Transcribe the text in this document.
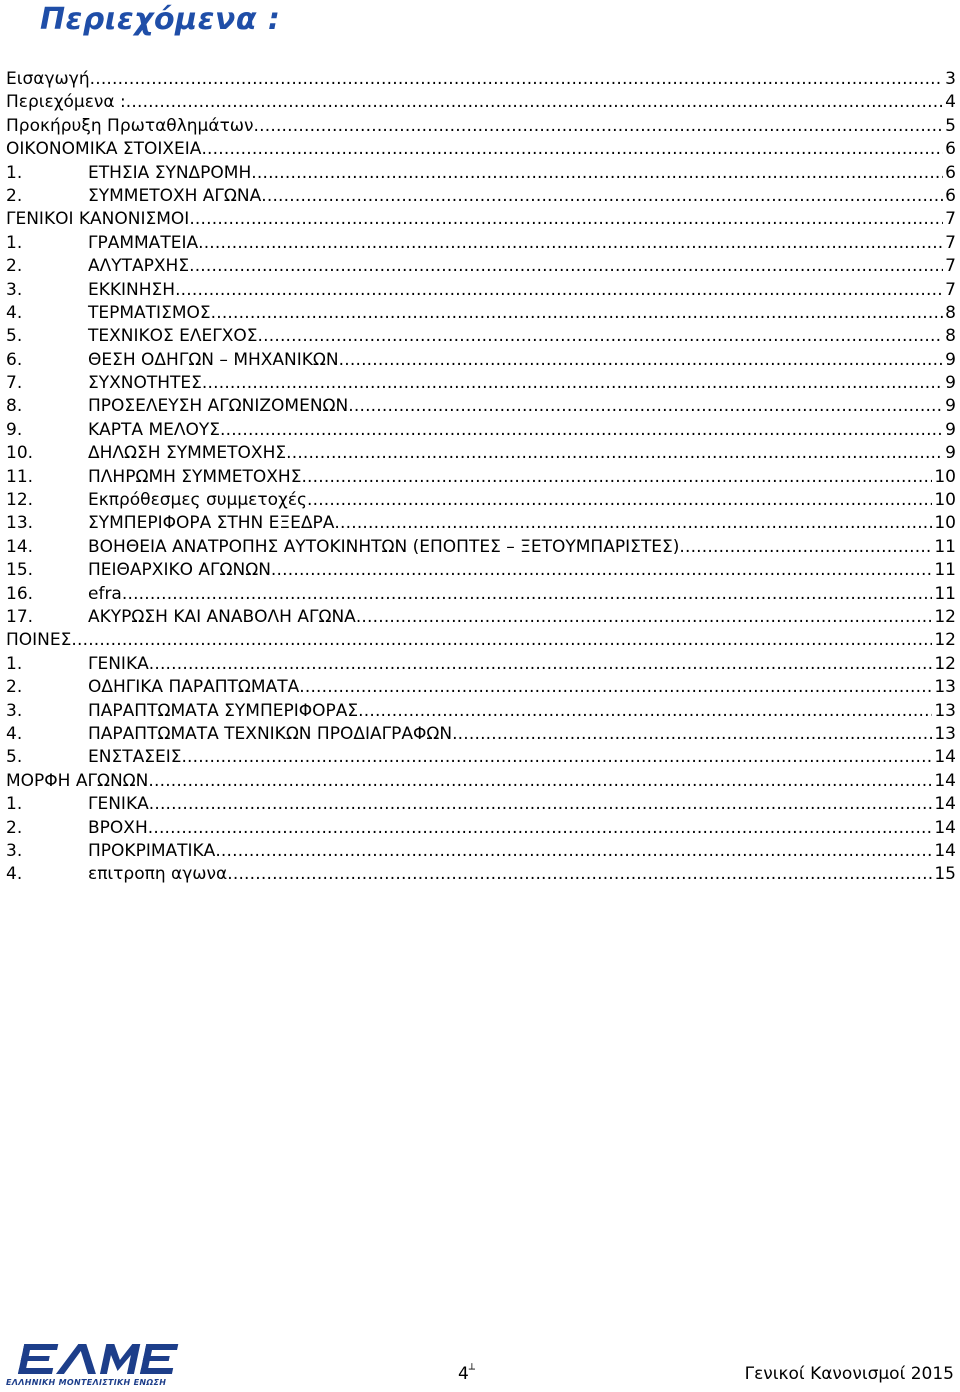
Περιεχόμενα :
Εισαγωγή .....	3
Περιεχόμενα : .....	4
Προκήρυξη Πρωταθλημάτων .....	5
ΟΙΚΟΝΟΜΙΚΑ ΣΤΟΙΧΕΙΑ .....	6
1.	ΕΤΗΣΙΑ ΣΥΝΔΡΟΜΗ .....	6
2.	ΣΥΜΜΕΤΟΧΗ ΑΓΩΝΑ .....	6
ΓΕΝΙΚΟΙ ΚΑΝΟΝΙΣΜΟΙ .....	7
1.	ΓΡΑΜΜΑΤΕΙΑ .....	7
2.	ΑΛΥΤΑΡΧΗΣ .....	7
3.	ΕΚΚΙΝΗΣΗ .....	7
4.	ΤΕΡΜΑΤΙΣΜΟΣ .....	8
5.	ΤΕΧΝΙΚΟΣ ΕΛΕΓΧΟΣ .....	8
6.	ΘΕΣΗ ΟΔΗΓΩΝ – ΜΗΧΑΝΙΚΩΝ .....	9
7.	ΣΥΧΝΟΤΗΤΕΣ .....	9
8.	ΠΡΟΣΕΛΕΥΣΗ ΑΓΩΝΙΖΟΜΕΝΩΝ .....	9
9.	ΚΑΡΤΑ ΜΕΛΟΥΣ .....	9
10.	ΔΗΛΩΣΗ ΣΥΜΜΕΤΟΧΗΣ .....	9
11.	ΠΛΗΡΩΜΗ ΣΥΜΜΕΤΟΧΗΣ .....	10
12.	Εκπρόθεσμες συμμετοχές .....	10
13.	ΣΥΜΠΕΡΙΦΟΡΑ ΣΤΗΝ ΕΞΕΔΡΑ .....	10
14.	ΒΟΗΘΕΙΑ ΑΝΑΤΡΟΠΗΣ ΑΥΤΟΚΙΝΗΤΩΝ (ΕΠΟΠΤΕΣ – ΞΕΤΟΥΜΠΑΡΙΣΤΕΣ) .....	11
15.	ΠΕΙΘΑΡΧΙΚΟ ΑΓΩΝΩΝ .....	11
16.	efra .....	11
17.	ΑΚΥΡΩΣΗ ΚΑΙ ΑΝΑΒΟΛΗ ΑΓΩΝΑ .....	12
ΠΟΙΝΕΣ .....	12
1.	ΓΕΝΙΚΑ .....	12
2.	ΟΔΗΓΙΚΑ ΠΑΡΑΠΤΩΜΑΤΑ .....	13
3.	ΠΑΡΑΠΤΩΜΑΤΑ ΣΥΜΠΕΡΙΦΟΡΑΣ .....	13
4.	ΠΑΡΑΠΤΩΜΑΤΑ ΤΕΧΝΙΚΩΝ ΠΡΟΔΙΑΓΡΑΦΩΝ .....	13
5.	ΕΝΣΤΑΣΕΙΣ .....	14
ΜΟΡΦΗ ΑΓΩΝΩΝ .....	14
1.	ΓΕΝΙΚΑ .....	14
2.	ΒΡΟΧΗ .....	14
3.	ΠΡΟΚΡΙΜΑΤΙΚΑ .....	14
4.	επιτροπη αγωνα .....	15
ΕΛΛΗΝΙΚΗ ΜΟΝΤΕΛΙΣΤΙΚΗ ΕΝΩΣΗ	4┴	Γενικοί Κανονισμοί 2015
